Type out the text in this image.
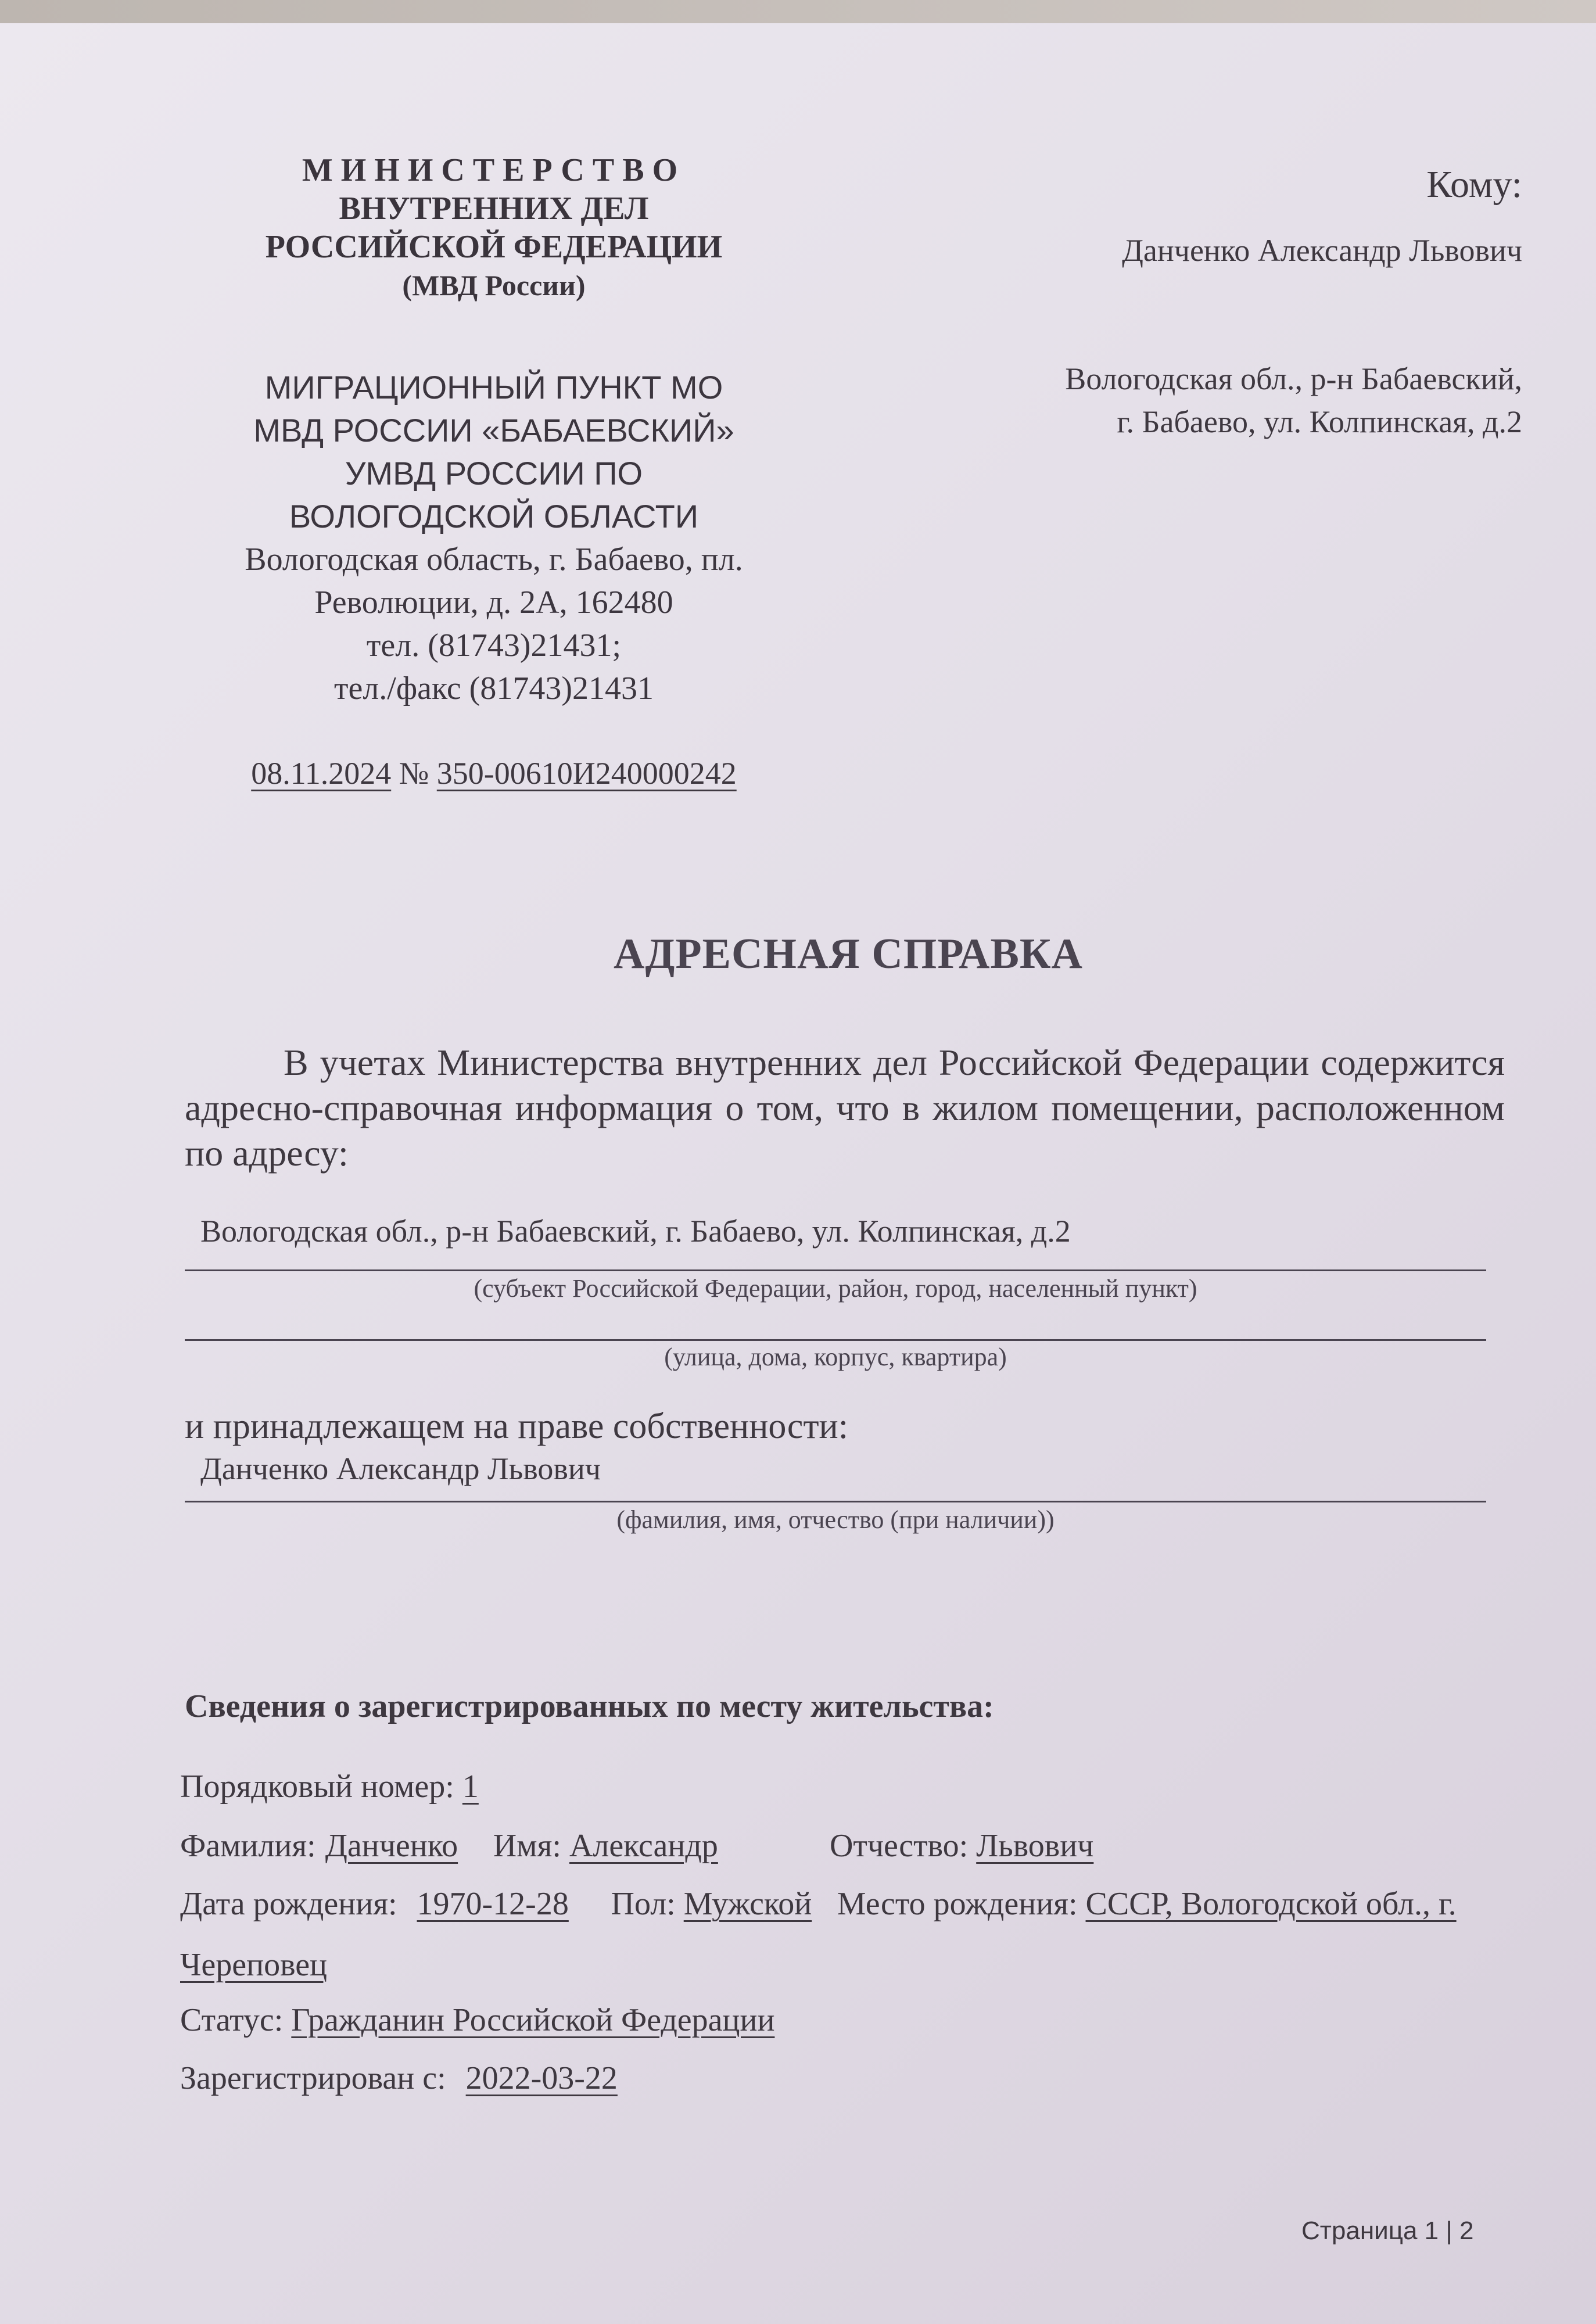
МИНИСТЕРСТВО
ВНУТРЕННИХ ДЕЛ
РОССИЙСКОЙ ФЕДЕРАЦИИ
(МВД России)
МИГРАЦИОННЫЙ ПУНКТ МО
МВД РОССИИ «БАБАЕВСКИЙ»
УМВД РОССИИ ПО
ВОЛОГОДСКОЙ ОБЛАСТИ
Вологодская область, г. Бабаево, пл.
Революции, д. 2А, 162480
тел. (81743)21431;
тел./факс (81743)21431
08.11.2024 № 350-00610И240000242
Кому:
Данченко Александр Львович
Вологодская обл., р-н Бабаевский,
г. Бабаево, ул. Колпинская, д.2
АДРЕСНАЯ СПРАВКА
В учетах Министерства внутренних дел Российской Федерации содержится адресно-справочная информация о том, что в жилом помещении, расположенном по адресу:
Вологодская обл., р-н Бабаевский, г. Бабаево, ул. Колпинская, д.2
(субъект Российской Федерации, район, город, населенный пункт)
(улица, дома, корпус, квартира)
и принадлежащем на праве собственности:
Данченко Александр Львович
(фамилия, имя, отчество (при наличии))
Сведения о зарегистрированных по месту жительства:
Порядковый номер: 1
Фамилия: Данченко Имя: Александр	Отчество: Львович
Дата рождения: 1970-12-28 Пол: Мужской Место рождения: СССР, Вологодской обл., г.
Череповец
Статус: Гражданин Российской Федерации
Зарегистрирован с: 2022-03-22
Страница 1 | 2
